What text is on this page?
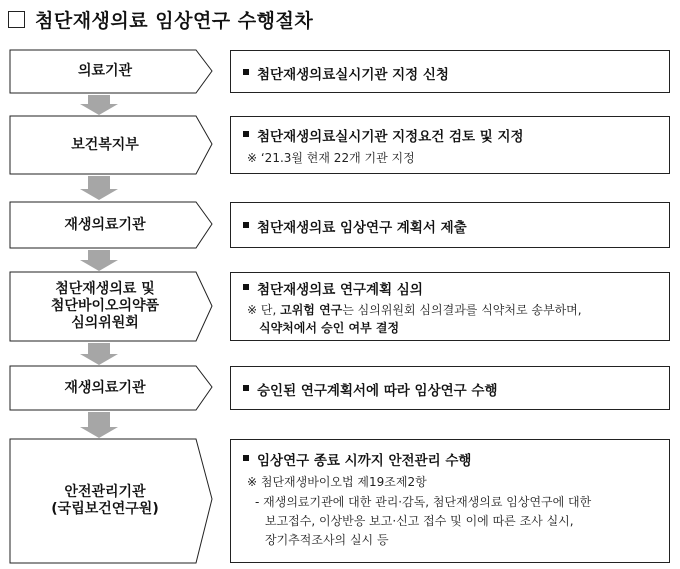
첨단재생의료 임상연구 수행절차
의료기관
보건복지부
재생의료기관
첨단재생의료 및
첨단바이오의약품
심의위원회
재생의료기관
안전관리기관
(국립보건연구원)
첨단재생의료실시기관 지정 신청
첨단재생의료실시기관 지정요건 검토 및 지정
※ ‘21.3월 현재 22개 기관 지정
첨단재생의료 임상연구 계획서 제출
첨단재생의료 연구계획 심의
※ 단, 고위험 연구는 심의위원회 심의결과를 식약처로 송부하며,
식약처에서 승인 여부 결정
승인된 연구계획서에 따라 임상연구 수행
임상연구 종료 시까지 안전관리 수행
※ 첨단재생바이오법 제19조제2항
- 재생의료기관에 대한 관리·감독, 첨단재생의료 임상연구에 대한
보고접수, 이상반응 보고·신고 접수 및 이에 따른 조사 실시,
장기추적조사의 실시 등
